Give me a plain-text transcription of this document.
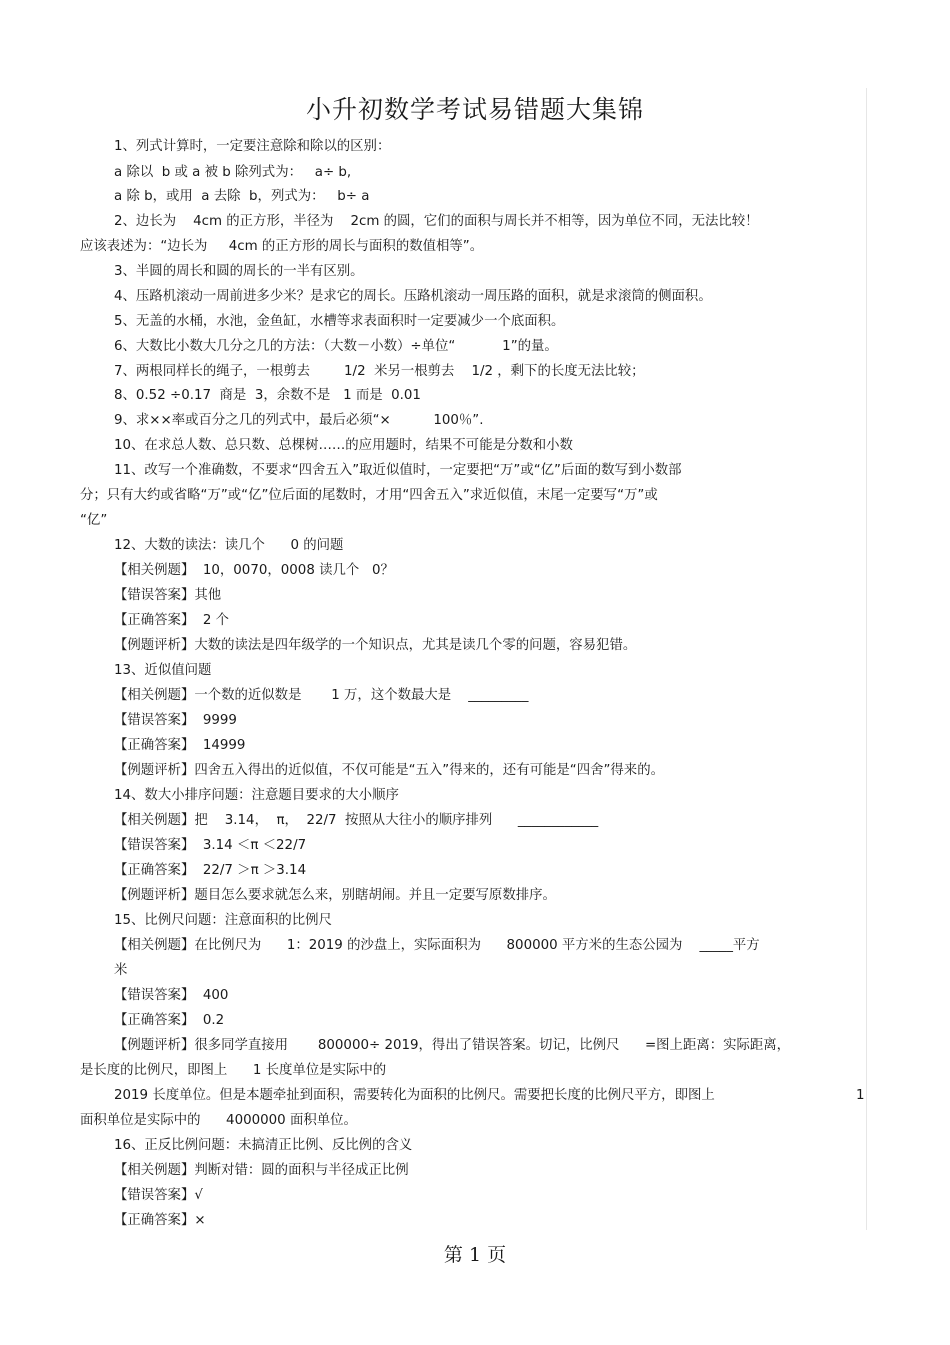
小升初数学考试易错题大集锦
1、列式计算时，一定要注意除和除以的区别：
a 除以  b 或 a 被 b 除列式为：   a÷ b,
a 除 b，或用  a 去除  b，列式为：   b÷ a
2、边长为    4cm 的正方形，半径为    2cm 的圆，它们的面积与周长并不相等，因为单位不同，无法比较！
应该表述为：“边长为     4cm 的正方形的周长与面积的数值相等”。
3、半圆的周长和圆的周长的一半有区别。
4、压路机滚动一周前进多少米？是求它的周长。压路机滚动一周压路的面积，就是求滚筒的侧面积。
5、无盖的水桶，水池，金鱼缸，水槽等求表面积时一定要减少一个底面积。
6、大数比小数大几分之几的方法：（大数－小数）÷单位“           1”的量。
7、两根同样长的绳子，一根剪去        1/2  米另一根剪去    1/2 ，剩下的长度无法比较；
8、0.52 ÷0.17  商是  3，余数不是   1 而是  0.01
9、求××率或百分之几的列式中，最后必须“×          100％”.
10、在求总人数、总只数、总棵树……的应用题时，结果不可能是分数和小数
11、改写一个准确数，不要求“四舍五入”取近似值时，一定要把“万”或“亿”后面的数写到小数部
分；只有大约或省略“万”或“亿”位后面的尾数时，才用“四舍五入”求近似值，末尾一定要写“万”或
“亿”
12、大数的读法：读几个      0 的问题
【相关例题】  10，0070，0008 读几个   0？
【错误答案】其他
【正确答案】  2 个
【例题评析】大数的读法是四年级学的一个知识点，尤其是读几个零的问题，容易犯错。
13、近似值问题
【相关例题】一个数的近似数是       1 万，这个数最大是    _________
【错误答案】  9999
【正确答案】  14999
【例题评析】四舍五入得出的近似值，不仅可能是“五入”得来的，还有可能是“四舍”得来的。
14、数大小排序问题：注意题目要求的大小顺序
【相关例题】把    3.14，  π，  22/7  按照从大往小的顺序排列      ____________
【错误答案】  3.14 ＜π ＜22/7
【正确答案】  22/7 ＞π ＞3.14
【例题评析】题目怎么要求就怎么来，别瞎胡闹。并且一定要写原数排序。
15、比例尺问题：注意面积的比例尺
【相关例题】在比例尺为      1：2019 的沙盘上，实际面积为      800000 平方米的生态公园为    _____平方
米
【错误答案】  400
【正确答案】  0.2
【例题评析】很多同学直接用       800000÷ 2019，得出了错误答案。切记，比例尺      =图上距离：实际距离，
是长度的比例尺，即图上      1 长度单位是实际中的
2019 长度单位。但是本题牵扯到面积，需要转化为面积的比例尺。需要把长度的比例尺平方，即图上	1
面积单位是实际中的      4000000 面积单位。
16、正反比例问题：未搞清正比例、反比例的含义
【相关例题】判断对错：圆的面积与半径成正比例
【错误答案】√
【正确答案】×
第 1 页
